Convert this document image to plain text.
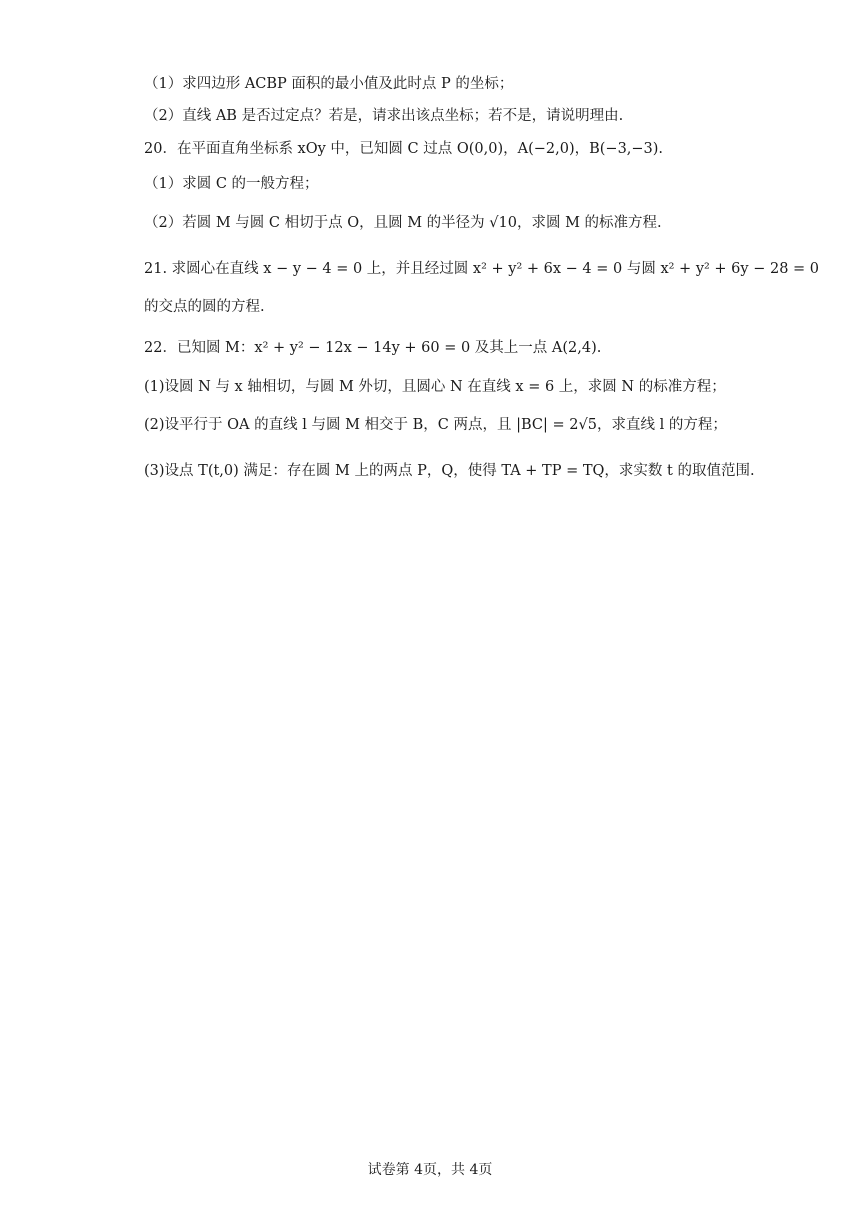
（1）求四边形 ACBP 面积的最小值及此时点 P 的坐标；
（2）直线 AB 是否过定点？若是，请求出该点坐标；若不是，请说明理由.
20．在平面直角坐标系 xOy 中，已知圆 C 过点 O(0,0)，A(−2,0)，B(−3,−3).
（1）求圆 C 的一般方程；
（2）若圆 M 与圆 C 相切于点 O，且圆 M 的半径为 √10，求圆 M 的标准方程.
21. 求圆心在直线 x − y − 4 = 0 上，并且经过圆 x² + y² + 6x − 4 = 0 与圆 x² + y² + 6y − 28 = 0
的交点的圆的方程.
22．已知圆 M：x² + y² − 12x − 14y + 60 = 0 及其上一点 A(2,4).
(1)设圆 N 与 x 轴相切，与圆 M 外切，且圆心 N 在直线 x = 6 上，求圆 N 的标准方程；
(2)设平行于 OA 的直线 l 与圆 M 相交于 B，C 两点，且 |BC| = 2√5，求直线 l 的方程；
(3)设点 T(t,0) 满足：存在圆 M 上的两点 P，Q，使得 TA + TP = TQ，求实数 t 的取值范围.
试卷第 4页，共 4页
